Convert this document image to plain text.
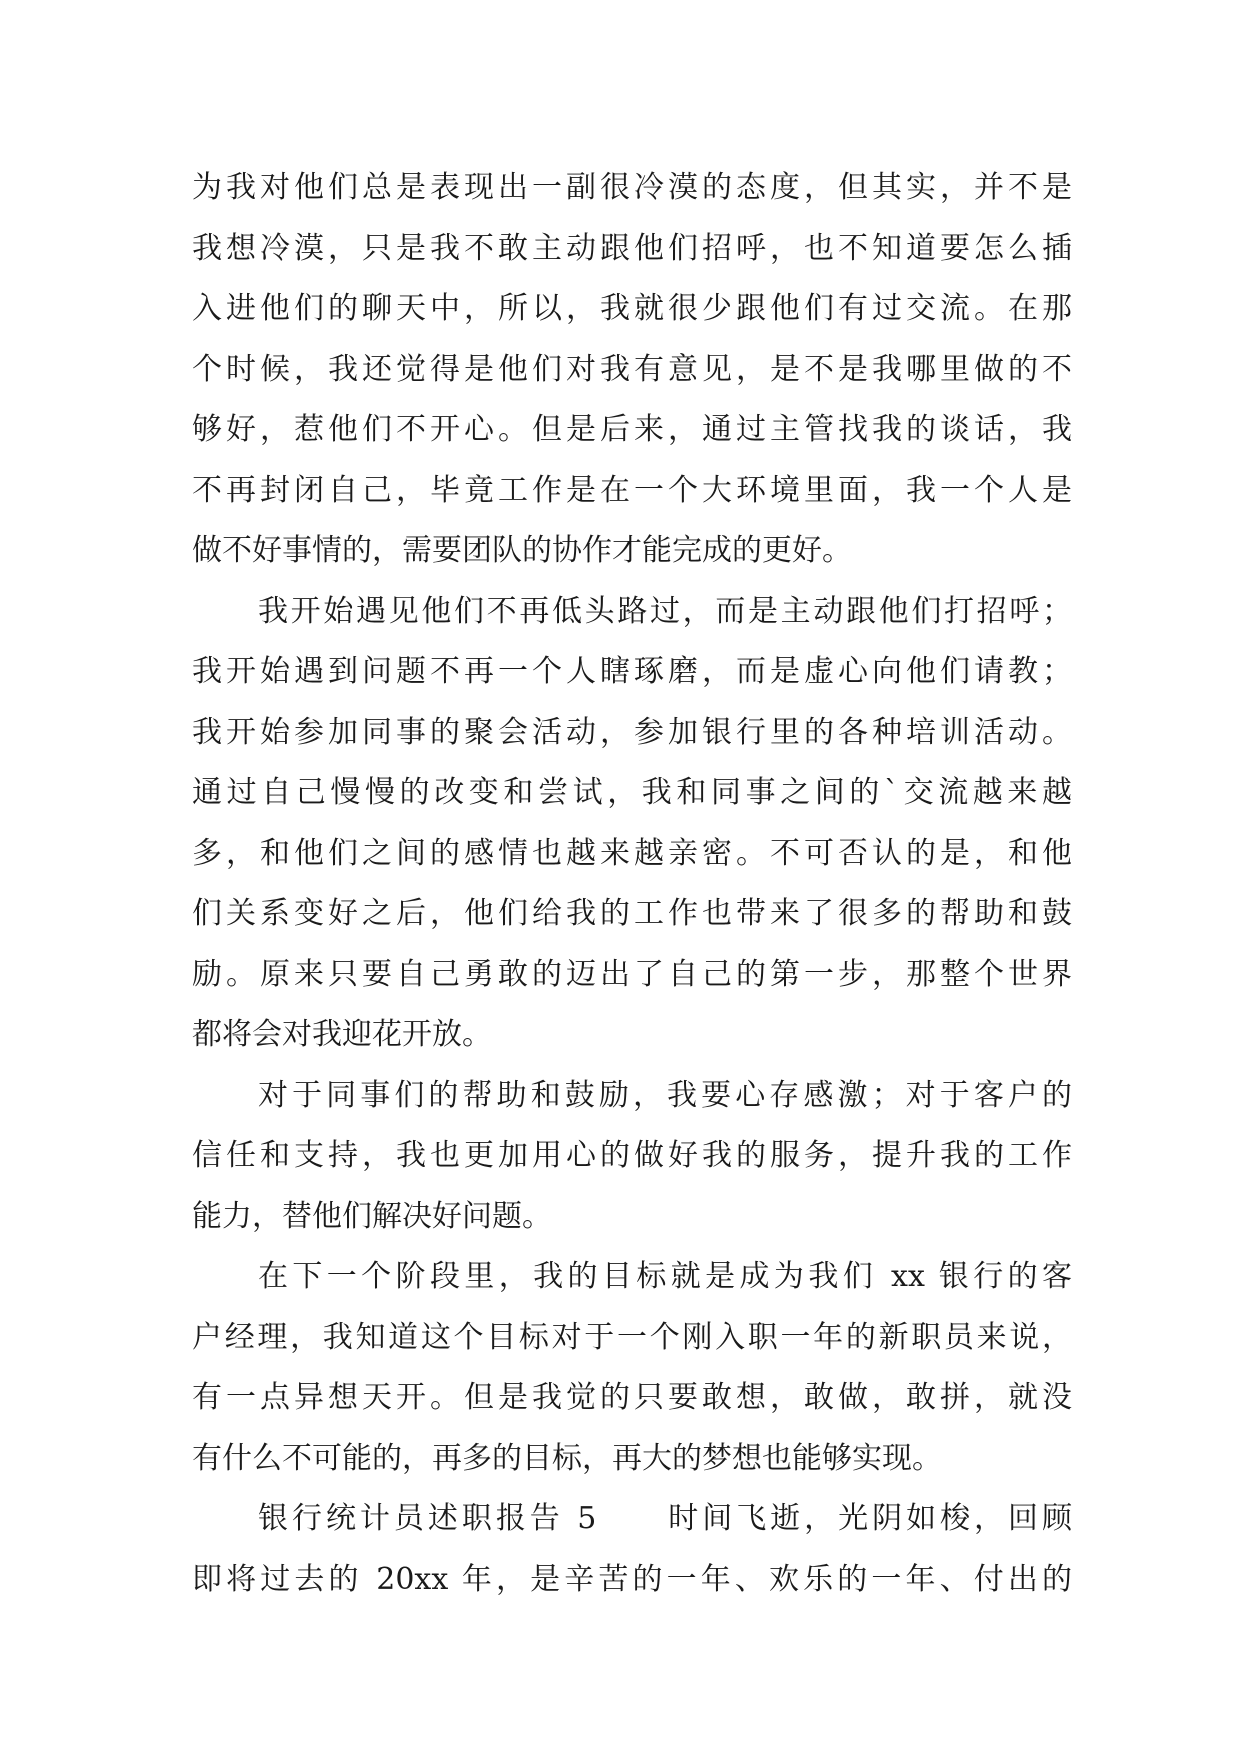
为我对他们总是表现出一副很冷漠的态度，但其实，并不是
我想冷漠，只是我不敢主动跟他们招呼，也不知道要怎么插
入进他们的聊天中，所以，我就很少跟他们有过交流。在那
个时候，我还觉得是他们对我有意见，是不是我哪里做的不
够好，惹他们不开心。但是后来，通过主管找我的谈话，我
不再封闭自己，毕竟工作是在一个大环境里面，我一个人是
做不好事情的，需要团队的协作才能完成的更好。
我开始遇见他们不再低头路过，而是主动跟他们打招呼；
我开始遇到问题不再一个人瞎琢磨，而是虚心向他们请教；
我开始参加同事的聚会活动，参加银行里的各种培训活动。
通过自己慢慢的改变和尝试，我和同事之间的`交流越来越
多，和他们之间的感情也越来越亲密。不可否认的是，和他
们关系变好之后，他们给我的工作也带来了很多的帮助和鼓
励。原来只要自己勇敢的迈出了自己的第一步，那整个世界
都将会对我迎花开放。
对于同事们的帮助和鼓励，我要心存感激；对于客户的
信任和支持，我也更加用心的做好我的服务，提升我的工作
能力，替他们解决好问题。
在下一个阶段里，我的目标就是成为我们 xx 银行的客
户经理，我知道这个目标对于一个刚入职一年的新职员来说，
有一点异想天开。但是我觉的只要敢想，敢做，敢拼，就没
有什么不可能的，再多的目标，再大的梦想也能够实现。
银行统计员述职报告 5　　时间飞逝，光阴如梭，回顾
即将过去的 20xx 年，是辛苦的一年、欢乐的一年、付出的
